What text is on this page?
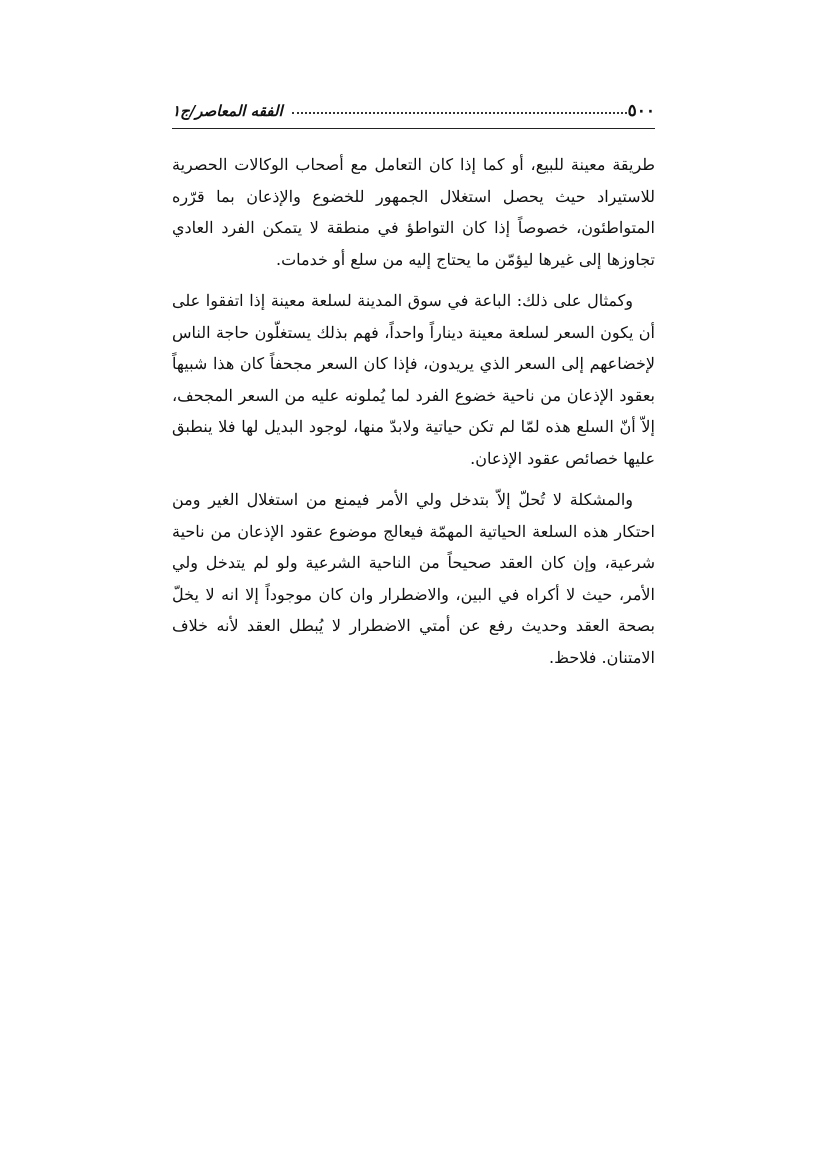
٥٠٠
الفقه المعاصر/ج١

طريقة معينة للبيع، أو كما إذا كان التعامل مع أصحاب الوكالات الحصرية للاستيراد حيث يحصل استغلال الجمهور للخضوع والإذعان بما قرّره المتواطئون، خصوصاً إذا كان التواطؤ في منطقة لا يتمكن الفرد العادي تجاوزها إلى غيرها ليؤمّن ما يحتاج إليه من سلع أو خدمات.

وكمثال على ذلك: الباعة في سوق المدينة لسلعة معينة إذا اتفقوا على أن يكون السعر لسلعة معينة ديناراً واحداً، فهم بذلك يستغلّون حاجة الناس لإخضاعهم إلى السعر الذي يريدون، فإذا كان السعر مجحفاً كان هذا شبيهاً بعقود الإذعان من ناحية خضوع الفرد لما يُملونه عليه من السعر المجحف، إلاّ أنّ السلع هذه لمّا لم تكن حياتية ولابدّ منها، لوجود البديل لها فلا ينطبق عليها خصائص عقود الإذعان.

والمشكلة لا تُحلّ إلاّ بتدخل ولي الأمر فيمنع من استغلال الغير ومن احتكار هذه السلعة الحياتية المهمّة فيعالج موضوع عقود الإذعان من ناحية شرعية، وإن كان العقد صحيحاً من الناحية الشرعية ولو لم يتدخل ولي الأمر، حيث لا أكراه في البين، والاضطرار وان كان موجوداً إلا انه لا يخلّ بصحة العقد وحديث رفع عن أمتي الاضطرار لا يُبطل العقد لأنه خلاف الامتنان. فلاحظ.
